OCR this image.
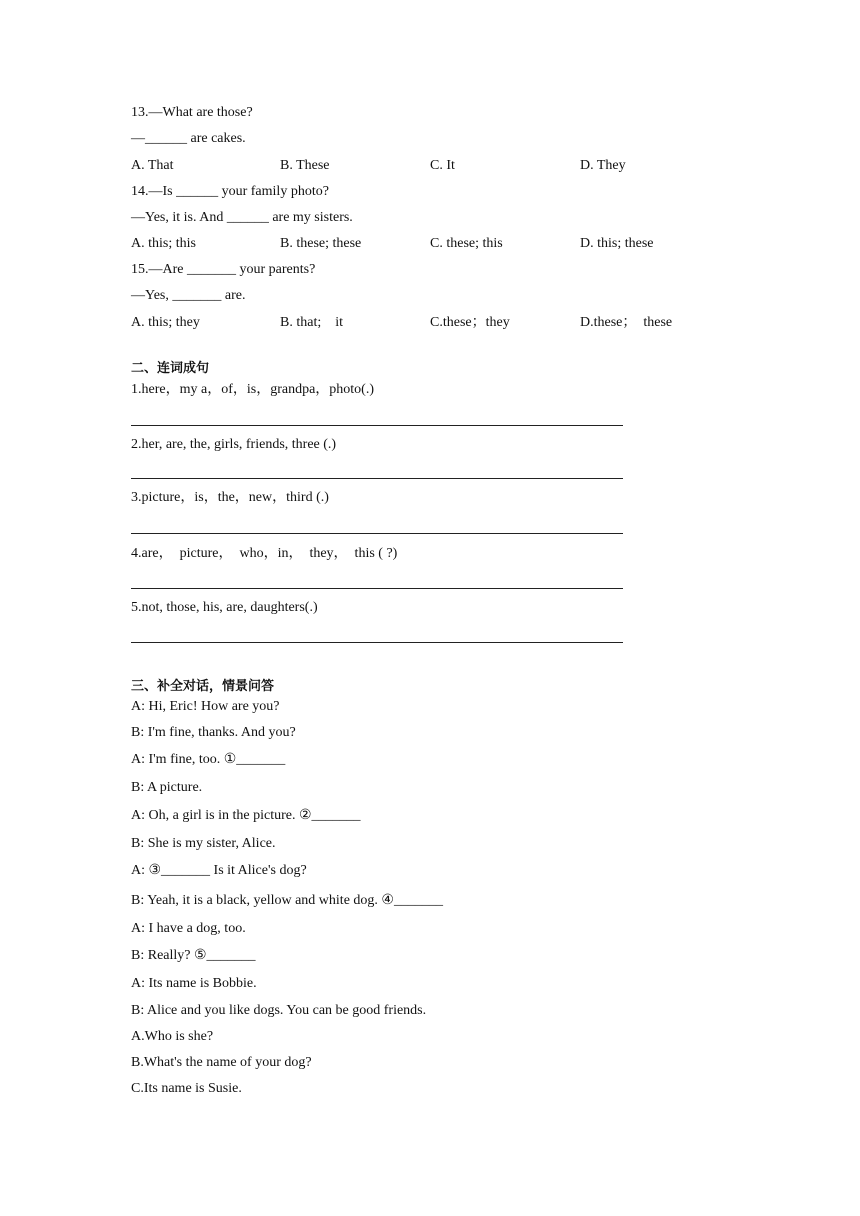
13.—What are those?
—______ are cakes.
A. That	B. These	C. It	D. They
14.—Is ______ your family photo?
—Yes, it is. And ______ are my sisters.
A. this; this	B. these; these	C. these; this	D. this; these
15.—Are _______ your parents?
—Yes, _______ are.
A. this; they	B. that;    it	C.these；they	D.these；  these
二、连词成句
1.here，my a，of，is，grandpa，photo(.)
2.her, are, the, girls, friends, three (.)
3.picture，is，the，new，third (.)
4.are，  picture，  who，in，  they，  this ( ?)
5.not, those, his, are, daughters(.)
三、补全对话，情景问答
A: Hi, Eric! How are you?
B: I'm fine, thanks. And you?
A: I'm fine, too. ①_______
B: A picture.
A: Oh, a girl is in the picture. ②_______
B: She is my sister, Alice.
A: ③_______ Is it Alice's dog?
B: Yeah, it is a black, yellow and white dog. ④_______
A: I have a dog, too.
B: Really? ⑤_______
A: Its name is Bobbie.
B: Alice and you like dogs. You can be good friends.
A.Who is she?
B.What's the name of your dog?
C.Its name is Susie.
